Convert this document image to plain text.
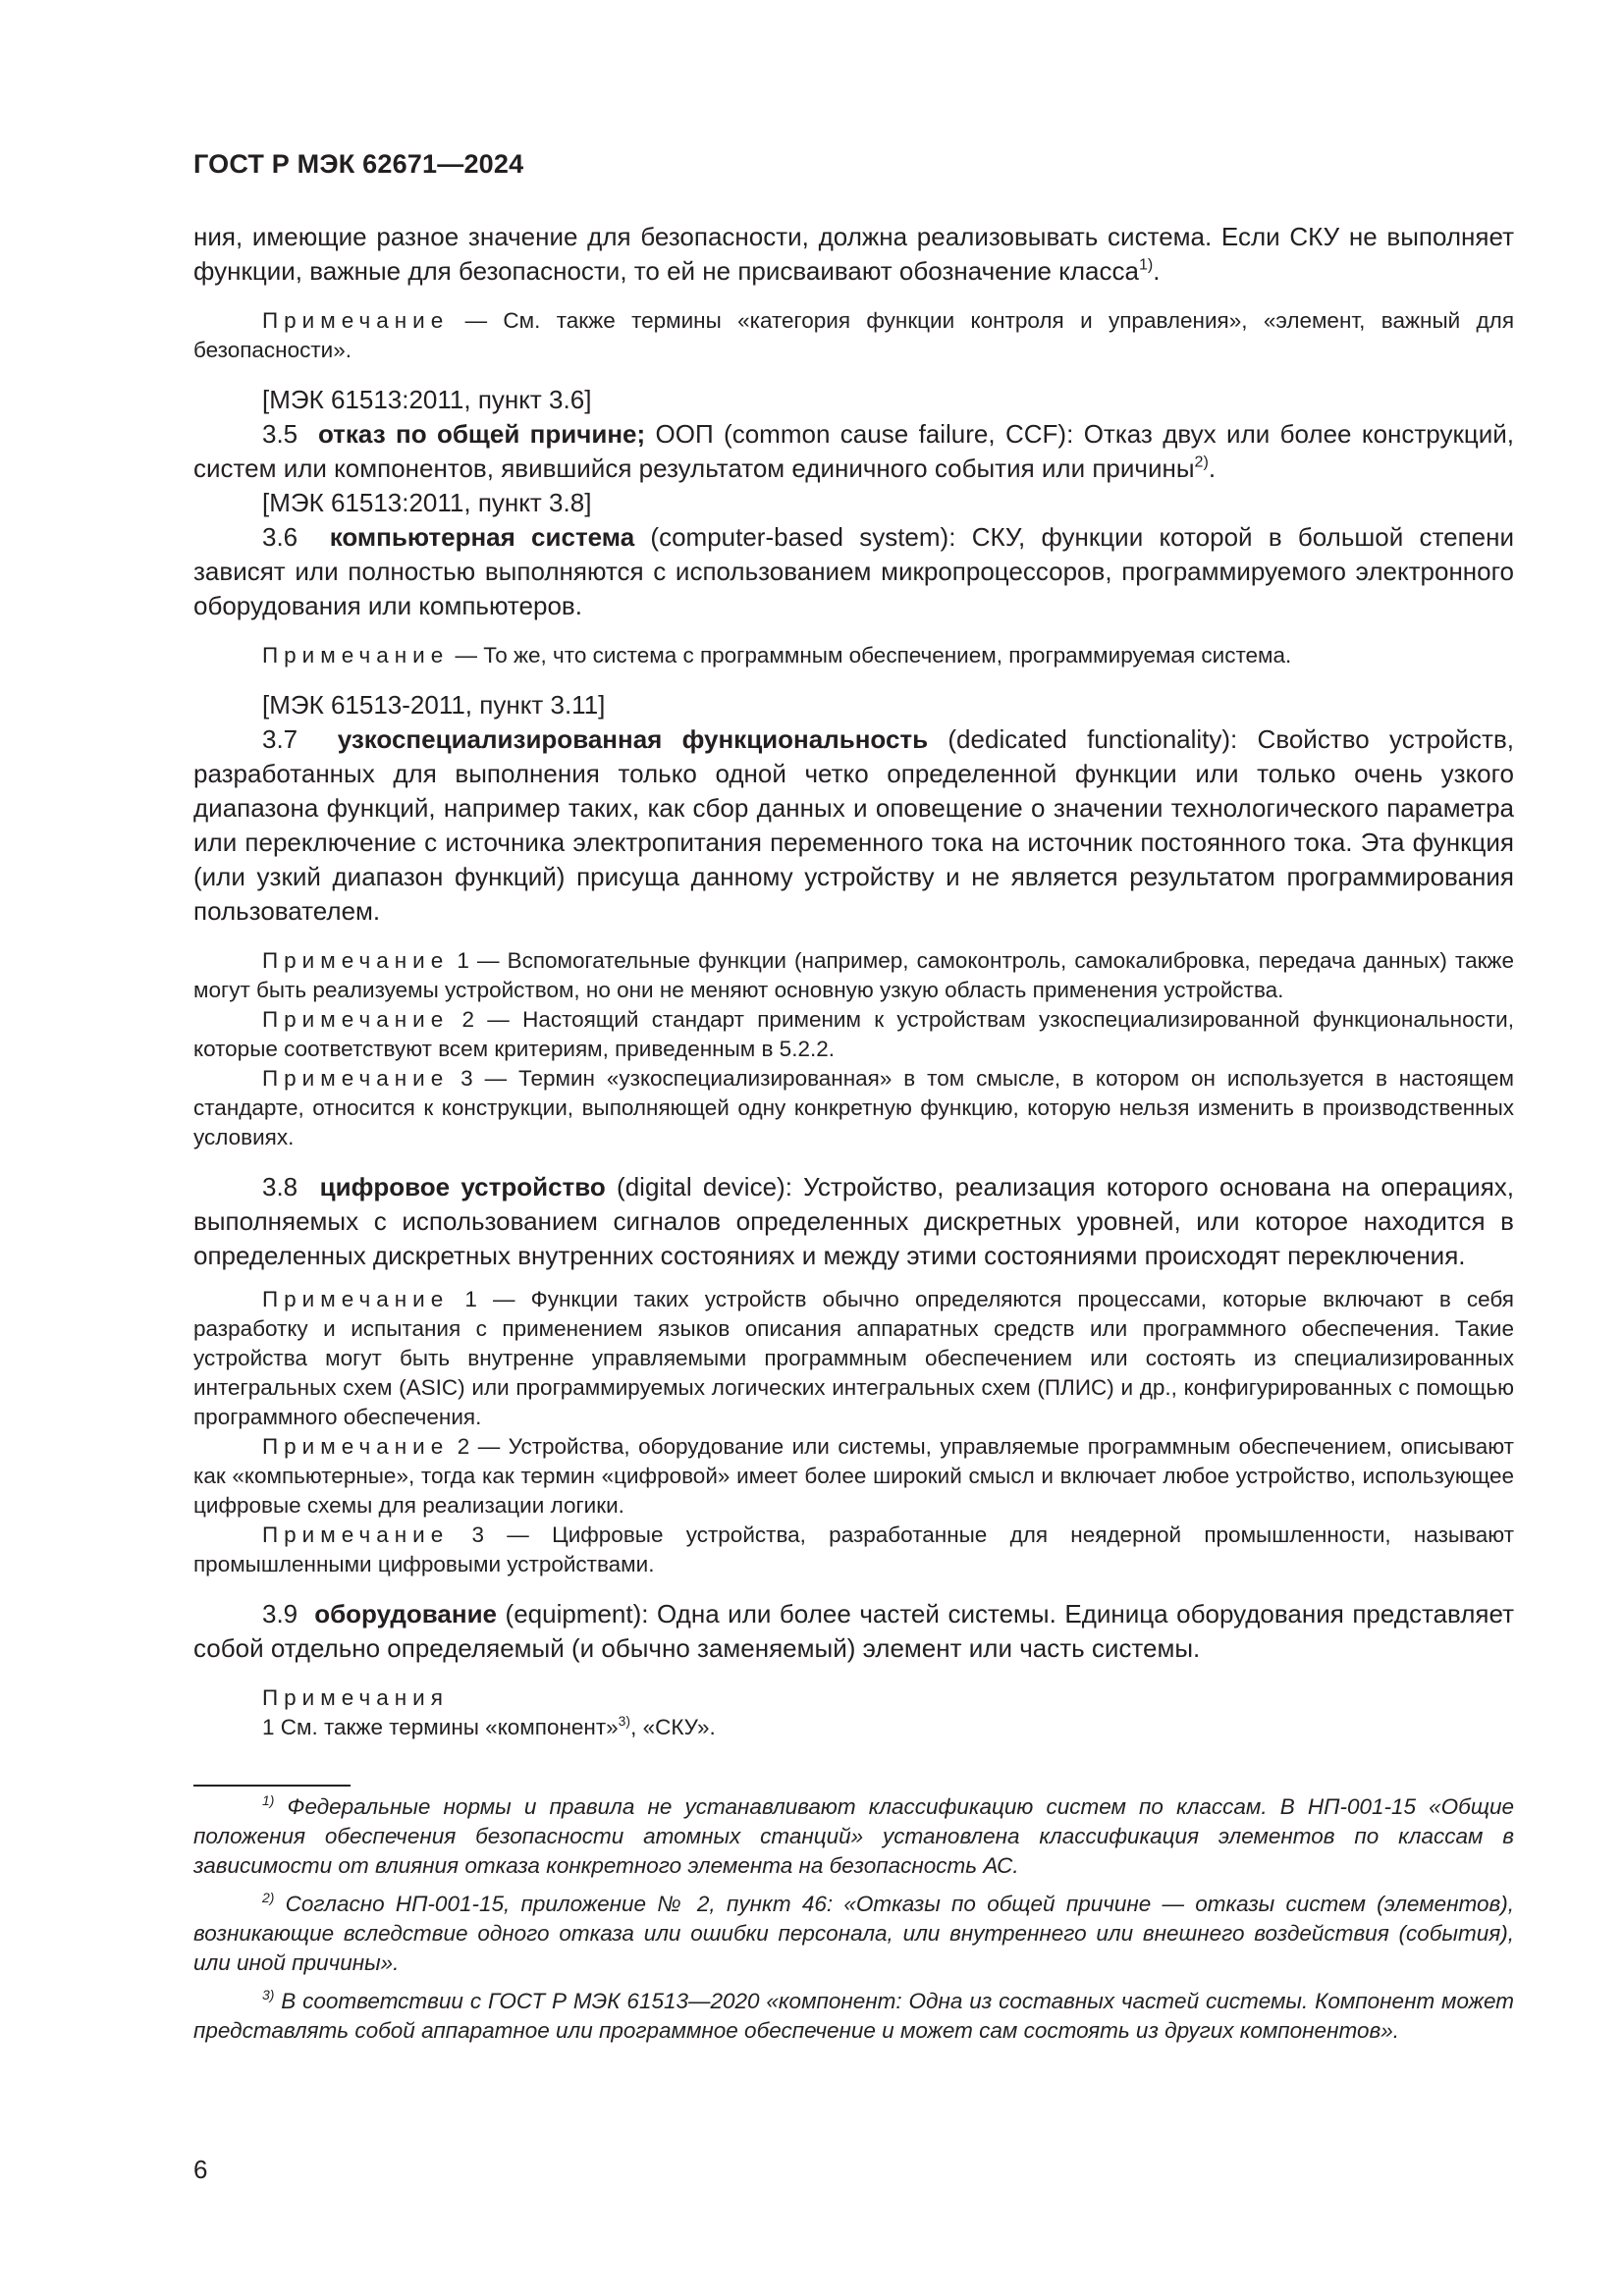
ГОСТ Р МЭК 62671—2024

ния, имеющие разное значение для безопасности, должна реализовывать система. Если СКУ не выполняет функции, важные для безопасности, то ей не присваивают обозначение класса$^{1)}$.

Примечание — См. также термины «категория функции контроля и управления», «элемент, важный для безопасности».

[МЭК 61513:2011, пункт 3.6]

3.5 отказ по общей причине; ООП (common cause failure, CCF): Отказ двух или более конструкций, систем или компонентов, явившийся результатом единичного события или причины$^{2)}$.

[МЭК 61513:2011, пункт 3.8]

3.6 компьютерная система (computer-based system): СКУ, функции которой в большой степени зависят или полностью выполняются с использованием микропроцессоров, программируемого электронного оборудования или компьютеров.

Примечание — То же, что система с программным обеспечением, программируемая система.

[МЭК 61513-2011, пункт 3.11]

3.7 узкоспециализированная функциональность (dedicated functionality): Свойство устройств, разработанных для выполнения только одной четко определенной функции или только очень узкого диапазона функций, например таких, как сбор данных и оповещение о значении технологического параметра или переключение с источника электропитания переменного тока на источник постоянного тока. Эта функция (или узкий диапазон функций) присуща данному устройству и не является результатом программирования пользователем.

Примечание 1 — Вспомогательные функции (например, самоконтроль, самокалибровка, передача данных) также могут быть реализуемы устройством, но они не меняют основную узкую область применения устройства.

Примечание 2 — Настоящий стандарт применим к устройствам узкоспециализированной функциональности, которые соответствуют всем критериям, приведенным в 5.2.2.

Примечание 3 — Термин «узкоспециализированная» в том смысле, в котором он используется в настоящем стандарте, относится к конструкции, выполняющей одну конкретную функцию, которую нельзя изменить в производственных условиях.

3.8 цифровое устройство (digital device): Устройство, реализация которого основана на операциях, выполняемых с использованием сигналов определенных дискретных уровней, или которое находится в определенных дискретных внутренних состояниях и между этими состояниями происходят переключения.

Примечание 1 — Функции таких устройств обычно определяются процессами, которые включают в себя разработку и испытания с применением языков описания аппаратных средств или программного обеспечения. Такие устройства могут быть внутренне управляемыми программным обеспечением или состоять из специализированных интегральных схем (ASIC) или программируемых логических интегральных схем (ПЛИС) и др., конфигурированных с помощью программного обеспечения.

Примечание 2 — Устройства, оборудование или системы, управляемые программным обеспечением, описывают как «компьютерные», тогда как термин «цифровой» имеет более широкий смысл и включает любое устройство, использующее цифровые схемы для реализации логики.

Примечание 3 — Цифровые устройства, разработанные для неядерной промышленности, называют промышленными цифровыми устройствами.

3.9 оборудование (equipment): Одна или более частей системы. Единица оборудования представляет собой отдельно определяемый (и обычно заменяемый) элемент или часть системы.

Примечания

1 См. также термины «компонент»$^{3)}$, «СКУ».

$^{1)}$ Федеральные нормы и правила не устанавливают классификацию систем по классам. В НП-001-15 «Общие положения обеспечения безопасности атомных станций» установлена классификация элементов по классам в зависимости от влияния отказа конкретного элемента на безопасность АС.

$^{2)}$ Согласно НП-001-15, приложение № 2, пункт 46: «Отказы по общей причине — отказы систем (элементов), возникающие вследствие одного отказа или ошибки персонала, или внутреннего или внешнего воздействия (события), или иной причины».

$^{3)}$ В соответствии с ГОСТ Р МЭК 61513—2020 «компонент: Одна из составных частей системы. Компонент может представлять собой аппаратное или программное обеспечение и может сам состоять из других компонентов».

6
